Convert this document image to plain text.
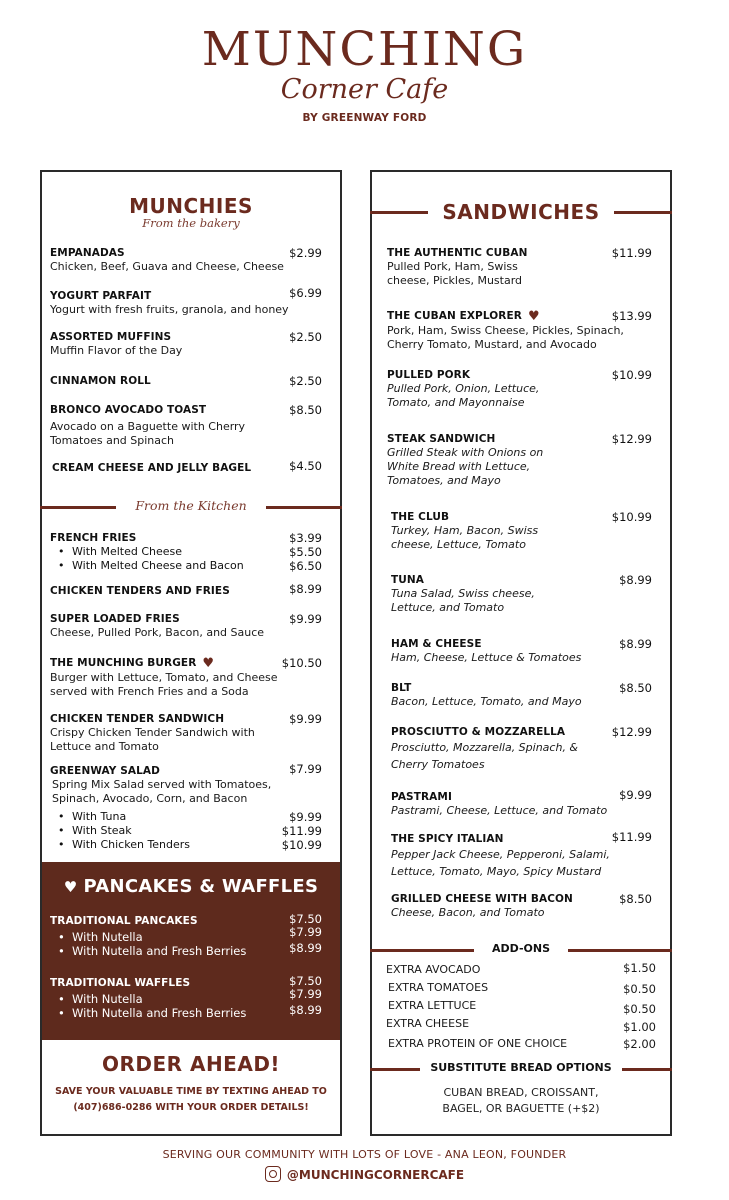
MUNCHING
Corner Cafe
BY GREENWAY FORD
MUNCHIES
From the bakery
EMPANADAS	$2.99
Chicken, Beef, Guava and Cheese, Cheese
YOGURT PARFAIT	$6.99
Yogurt with fresh fruits, granola, and honey
ASSORTED MUFFINS	$2.50
Muffin Flavor of the Day
CINNAMON ROLL	$2.50
BRONCO AVOCADO TOAST	$8.50
Avocado on a Baguette with Cherry Tomatoes and Spinach
CREAM CHEESE AND JELLY BAGEL	$4.50
From the Kitchen
FRENCH FRIES	$3.99
• With Melted Cheese	$5.50
• With Melted Cheese and Bacon	$6.50
CHICKEN TENDERS AND FRIES	$8.99
SUPER LOADED FRIES	$9.99
Cheese, Pulled Pork, Bacon, and Sauce
THE MUNCHING BURGER ♥	$10.50
Burger with Lettuce, Tomato, and Cheese served with French Fries and a Soda
CHICKEN TENDER SANDWICH	$9.99
Crispy Chicken Tender Sandwich with Lettuce and Tomato
GREENWAY SALAD	$7.99
Spring Mix Salad served with Tomatoes, Spinach, Avocado, Corn, and Bacon
• With Tuna	$9.99
• With Steak	$11.99
• With Chicken Tenders	$10.99
♥ PANCAKES & WAFFLES
TRADITIONAL PANCAKES	$7.50
• With Nutella	$7.99
• With Nutella and Fresh Berries	$8.99
TRADITIONAL WAFFLES	$7.50
• With Nutella	$7.99
• With Nutella and Fresh Berries	$8.99
ORDER AHEAD!
SAVE YOUR VALUABLE TIME BY TEXTING AHEAD TO
(407)686-0286 WITH YOUR ORDER DETAILS!
SANDWICHES
THE AUTHENTIC CUBAN	$11.99
Pulled Pork, Ham, Swiss cheese, Pickles, Mustard
THE CUBAN EXPLORER ♥	$13.99
Pork, Ham, Swiss Cheese, Pickles, Spinach, Cherry Tomato, Mustard, and Avocado
PULLED PORK	$10.99
Pulled Pork, Onion, Lettuce, Tomato, and Mayonnaise
STEAK SANDWICH	$12.99
Grilled Steak with Onions on White Bread with Lettuce, Tomatoes, and Mayo
THE CLUB	$10.99
Turkey, Ham, Bacon, Swiss cheese, Lettuce, Tomato
TUNA	$8.99
Tuna Salad, Swiss cheese, Lettuce, and Tomato
HAM & CHEESE	$8.99
Ham, Cheese, Lettuce & Tomatoes
BLT	$8.50
Bacon, Lettuce, Tomato, and Mayo
PROSCIUTTO & MOZZARELLA	$12.99
Prosciutto, Mozzarella, Spinach, & Cherry Tomatoes
PASTRAMI	$9.99
Pastrami, Cheese, Lettuce, and Tomato
THE SPICY ITALIAN	$11.99
Pepper Jack Cheese, Pepperoni, Salami, Lettuce, Tomato, Mayo, Spicy Mustard
GRILLED CHEESE WITH BACON	$8.50
Cheese, Bacon, and Tomato
ADD-ONS
EXTRA AVOCADO	$1.50
EXTRA TOMATOES	$0.50
EXTRA LETTUCE	$0.50
EXTRA CHEESE	$1.00
EXTRA PROTEIN OF ONE CHOICE	$2.00
SUBSTITUTE BREAD OPTIONS
CUBAN BREAD, CROISSANT,
BAGEL, OR BAGUETTE (+$2)
SERVING OUR COMMUNITY WITH LOTS OF LOVE - ANA LEON, FOUNDER
@MUNCHINGCORNERCAFE
